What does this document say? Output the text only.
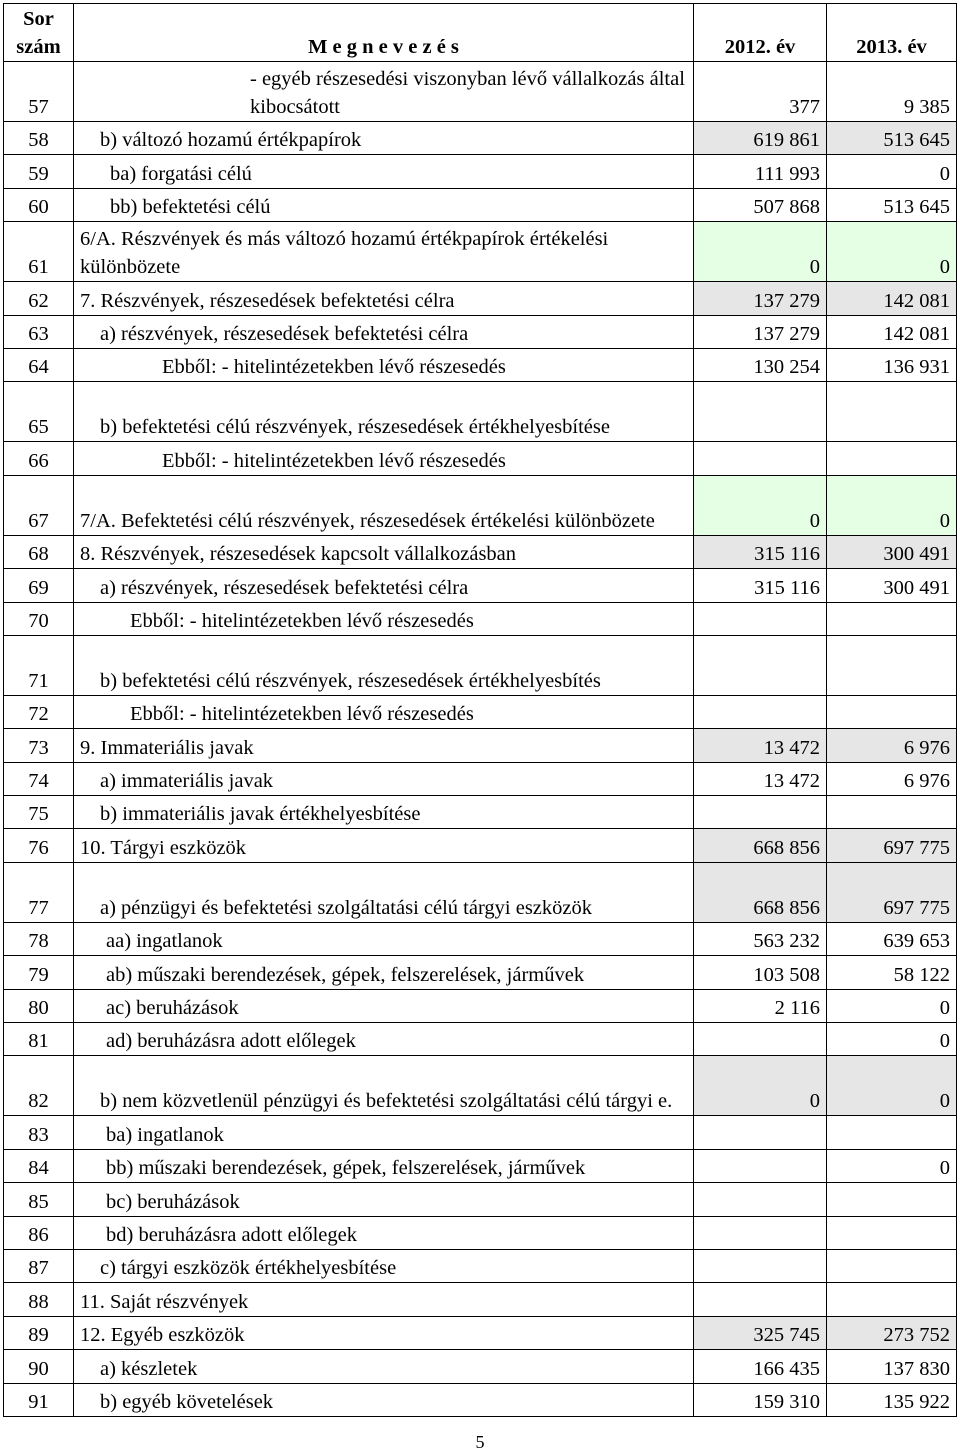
Sor szám	M e g n e v e z é s	2012. év	2013. év
57	- egyéb részesedési viszonyban lévő vállalkozás által kibocsátott	377	9 385
58	b) változó hozamú értékpapírok	619 861	513 645
59	ba) forgatási célú	111 993	0
60	bb) befektetési célú	507 868	513 645
61	6/A. Részvények és más változó hozamú értékpapírok értékelési különbözete	0	0
62	7. Részvények, részesedések befektetési célra	137 279	142 081
63	a) részvények, részesedések befektetési célra	137 279	142 081
64	Ebből: - hitelintézetekben lévő részesedés	130 254	136 931
65	b) befektetési célú részvények, részesedések értékhelyesbítése		
66	Ebből: - hitelintézetekben lévő részesedés		
67	7/A. Befektetési célú részvények, részesedések értékelési különbözete	0	0
68	8. Részvények, részesedések kapcsolt vállalkozásban	315 116	300 491
69	a) részvények, részesedések befektetési célra	315 116	300 491
70	Ebből: - hitelintézetekben lévő részesedés		
71	b) befektetési célú részvények, részesedések értékhelyesbítés		
72	Ebből: - hitelintézetekben lévő részesedés		
73	9. Immateriális javak	13 472	6 976
74	a) immateriális javak	13 472	6 976
75	b) immateriális javak értékhelyesbítése		
76	10. Tárgyi eszközök	668 856	697 775
77	a) pénzügyi és befektetési szolgáltatási célú tárgyi eszközök	668 856	697 775
78	aa) ingatlanok	563 232	639 653
79	ab) műszaki berendezések, gépek, felszerelések, járművek	103 508	58 122
80	ac) beruházások	2 116	0
81	ad) beruházásra adott előlegek		0
82	b) nem közvetlenül pénzügyi és befektetési szolgáltatási célú tárgyi e.	0	0
83	ba) ingatlanok		
84	bb) műszaki berendezések, gépek, felszerelések, járművek		0
85	bc) beruházások		
86	bd) beruházásra adott előlegek		
87	c) tárgyi eszközök értékhelyesbítése		
88	11. Saját részvények		
89	12. Egyéb eszközök	325 745	273 752
90	a) készletek	166 435	137 830
91	b) egyéb követelések	159 310	135 922
5
